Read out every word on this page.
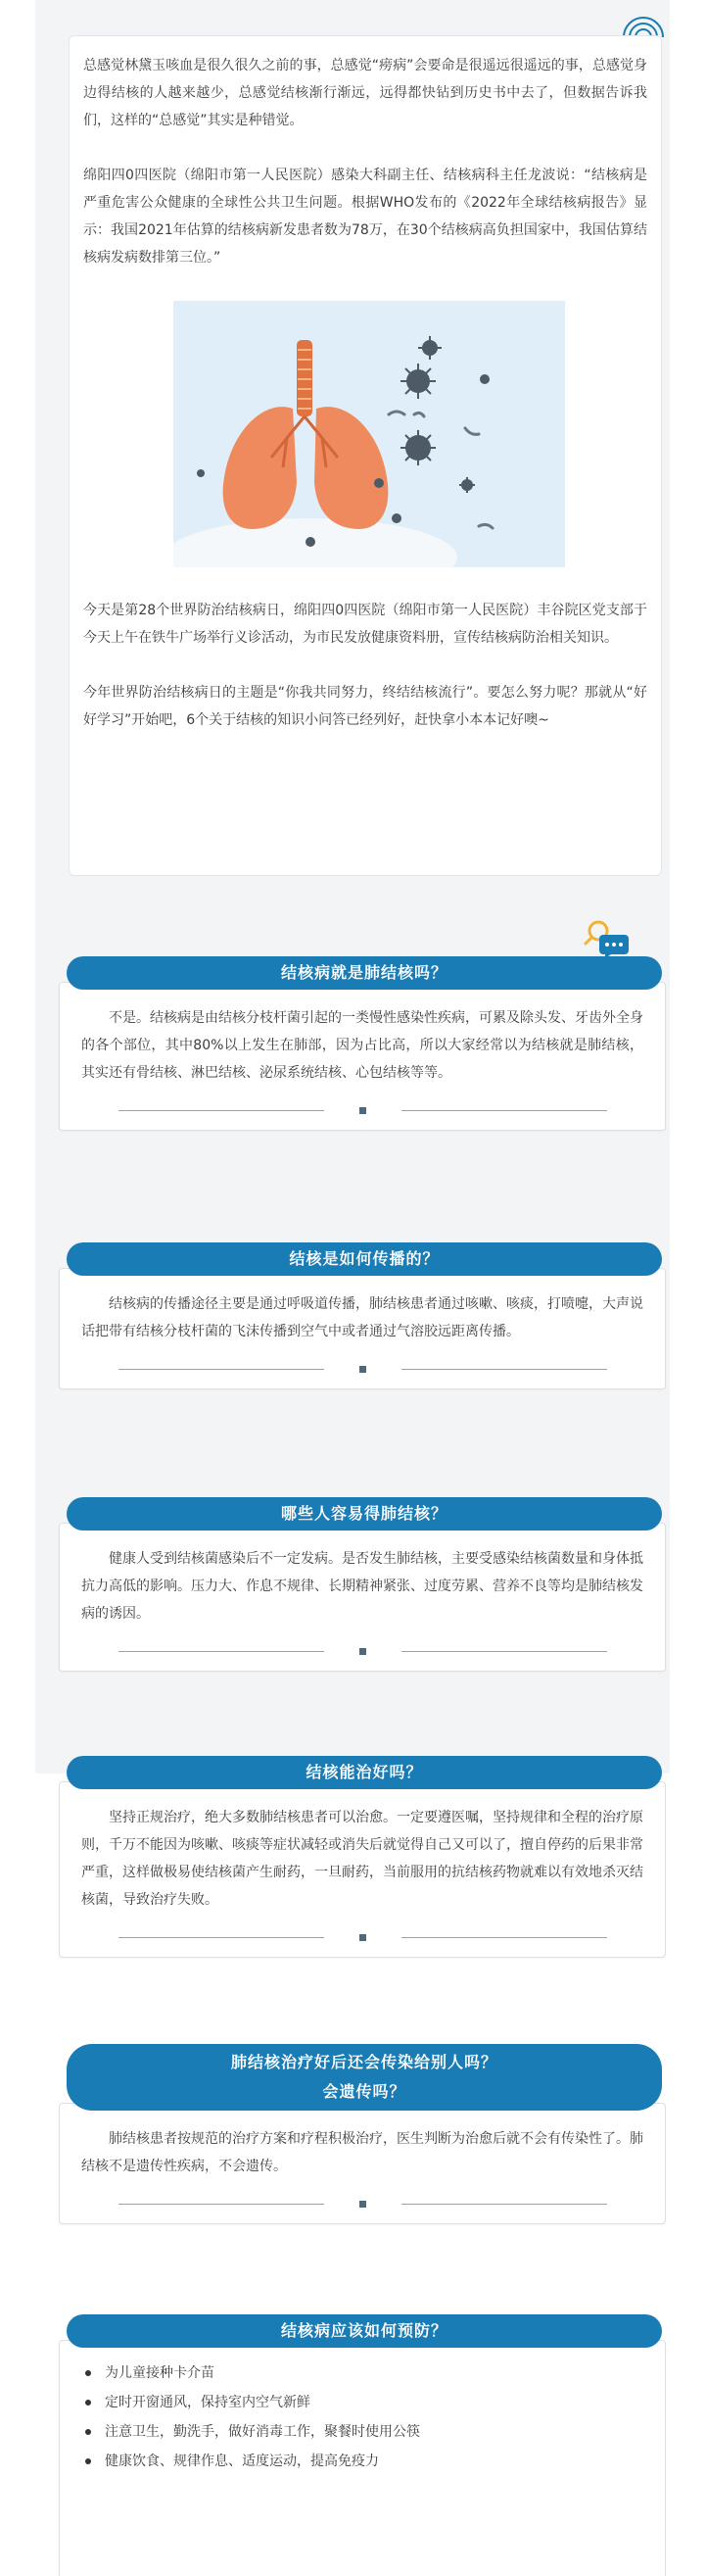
总感觉林黛玉咳血是很久很久之前的事，总感觉“痨病”会要命是很遥远很遥远的事，总感觉身边得结核的人越来越少，总感觉结核渐行渐远，远得都快钻到历史书中去了，但数据告诉我们，这样的“总感觉”其实是种错觉。

绵阳四0四医院（绵阳市第一人民医院）感染大科副主任、结核病科主任龙波说：“结核病是严重危害公众健康的全球性公共卫生问题。根据WHO发布的《2022年全球结核病报告》显示：我国2021年估算的结核病新发患者数为78万，在30个结核病高负担国家中，我国估算结核病发病数排第三位。”

今天是第28个世界防治结核病日，绵阳四0四医院（绵阳市第一人民医院）丰谷院区党支部于今天上午在铁牛广场举行义诊活动，为市民发放健康资料册，宣传结核病防治相关知识。

今年世界防治结核病日的主题是“你我共同努力，终结结核流行”。要怎么努力呢？那就从“好好学习”开始吧，6个关于结核的知识小问答已经列好，赶快拿小本本记好噢~

结核病就是肺结核吗？

不是。结核病是由结核分枝杆菌引起的一类慢性感染性疾病，可累及除头发、牙齿外全身的各个部位，其中80%以上发生在肺部，因为占比高，所以大家经常以为结核就是肺结核，其实还有骨结核、淋巴结核、泌尿系统结核、心包结核等等。

结核是如何传播的？

结核病的传播途径主要是通过呼吸道传播，肺结核患者通过咳嗽、咳痰，打喷嚏，大声说话把带有结核分枝杆菌的飞沫传播到空气中或者通过气溶胶远距离传播。

哪些人容易得肺结核？

健康人受到结核菌感染后不一定发病。是否发生肺结核，主要受感染结核菌数量和身体抵抗力高低的影响。压力大、作息不规律、长期精神紧张、过度劳累、营养不良等均是肺结核发病的诱因。

结核能治好吗？

坚持正规治疗，绝大多数肺结核患者可以治愈。一定要遵医嘱，坚持规律和全程的治疗原则，千万不能因为咳嗽、咳痰等症状减轻或消失后就觉得自己又可以了，擅自停药的后果非常严重，这样做极易使结核菌产生耐药，一旦耐药，当前服用的抗结核药物就难以有效地杀灭结核菌，导致治疗失败。

肺结核治疗好后还会传染给别人吗？
会遗传吗？

肺结核患者按规范的治疗方案和疗程积极治疗，医生判断为治愈后就不会有传染性了。肺结核不是遗传性疾病，不会遗传。

结核病应该如何预防？
为儿童接种卡介苗
定时开窗通风，保持室内空气新鲜
注意卫生，勤洗手，做好消毒工作，聚餐时使用公筷
健康饮食、规律作息、适度运动，提高免疫力
